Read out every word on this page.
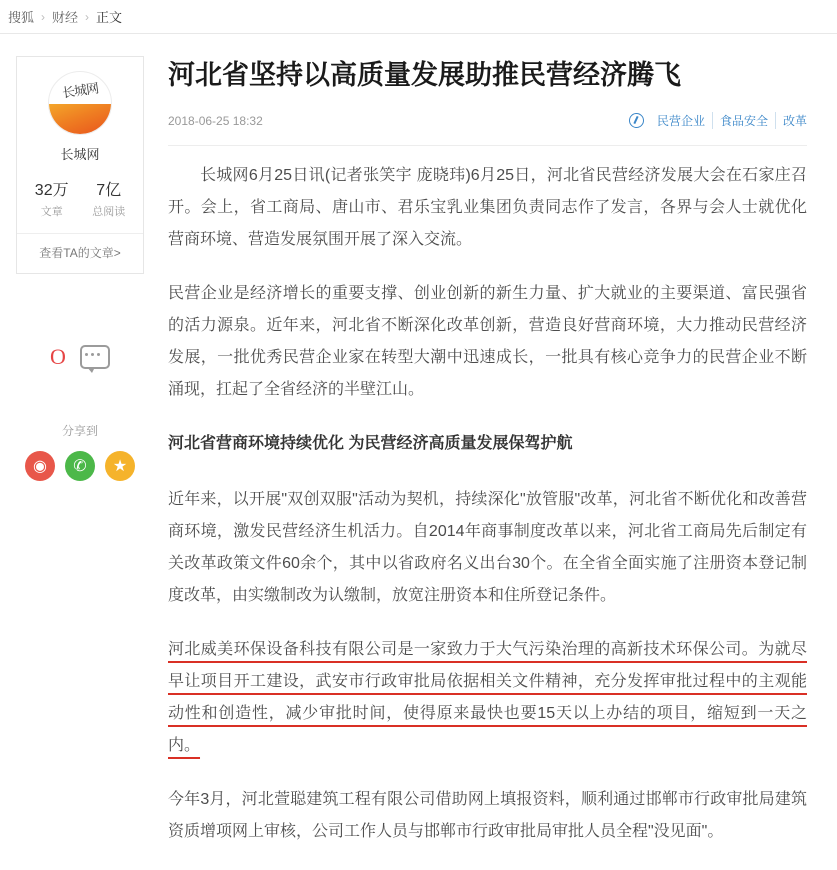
搜狐 › 财经 › 正文
长城网
长城网
32万
文章
7亿
总阅读
查看TA的文章>
O
分享到
◉	✆	★
河北省坚持以高质量发展助推民营经济腾飞
2018-06-25 18:32	民营企业	食品安全	改革

长城网6月25日讯(记者张笑宇 庞晓玮)6月25日，河北省民营经济发展大会在石家庄召开。会上，省工商局、唐山市、君乐宝乳业集团负责同志作了发言，各界与会人士就优化营商环境、营造发展氛围开展了深入交流。

民营企业是经济增长的重要支撑、创业创新的新生力量、扩大就业的主要渠道、富民强省的活力源泉。近年来，河北省不断深化改革创新，营造良好营商环境，大力推动民营经济发展，一批优秀民营企业家在转型大潮中迅速成长，一批具有核心竞争力的民营企业不断涌现，扛起了全省经济的半壁江山。

河北省营商环境持续优化 为民营经济高质量发展保驾护航

近年来，以开展"双创双服"活动为契机，持续深化"放管服"改革，河北省不断优化和改善营商环境，激发民营经济生机活力。自2014年商事制度改革以来，河北省工商局先后制定有关改革政策文件60余个，其中以省政府名义出台30个。在全省全面实施了注册资本登记制度改革，由实缴制改为认缴制，放宽注册资本和住所登记条件。

河北威美环保设备科技有限公司是一家致力于大气污染治理的高新技术环保公司。为就尽早让项目开工建设，武安市行政审批局依据相关文件精神，充分发挥审批过程中的主观能动性和创造性，减少审批时间，使得原来最快也要15天以上办结的项目，缩短到一天之内。

今年3月，河北萱聪建筑工程有限公司借助网上填报资料，顺利通过邯郸市行政审批局建筑资质增项网上审核，公司工作人员与邯郸市行政审批局审批人员全程"没见面"。
